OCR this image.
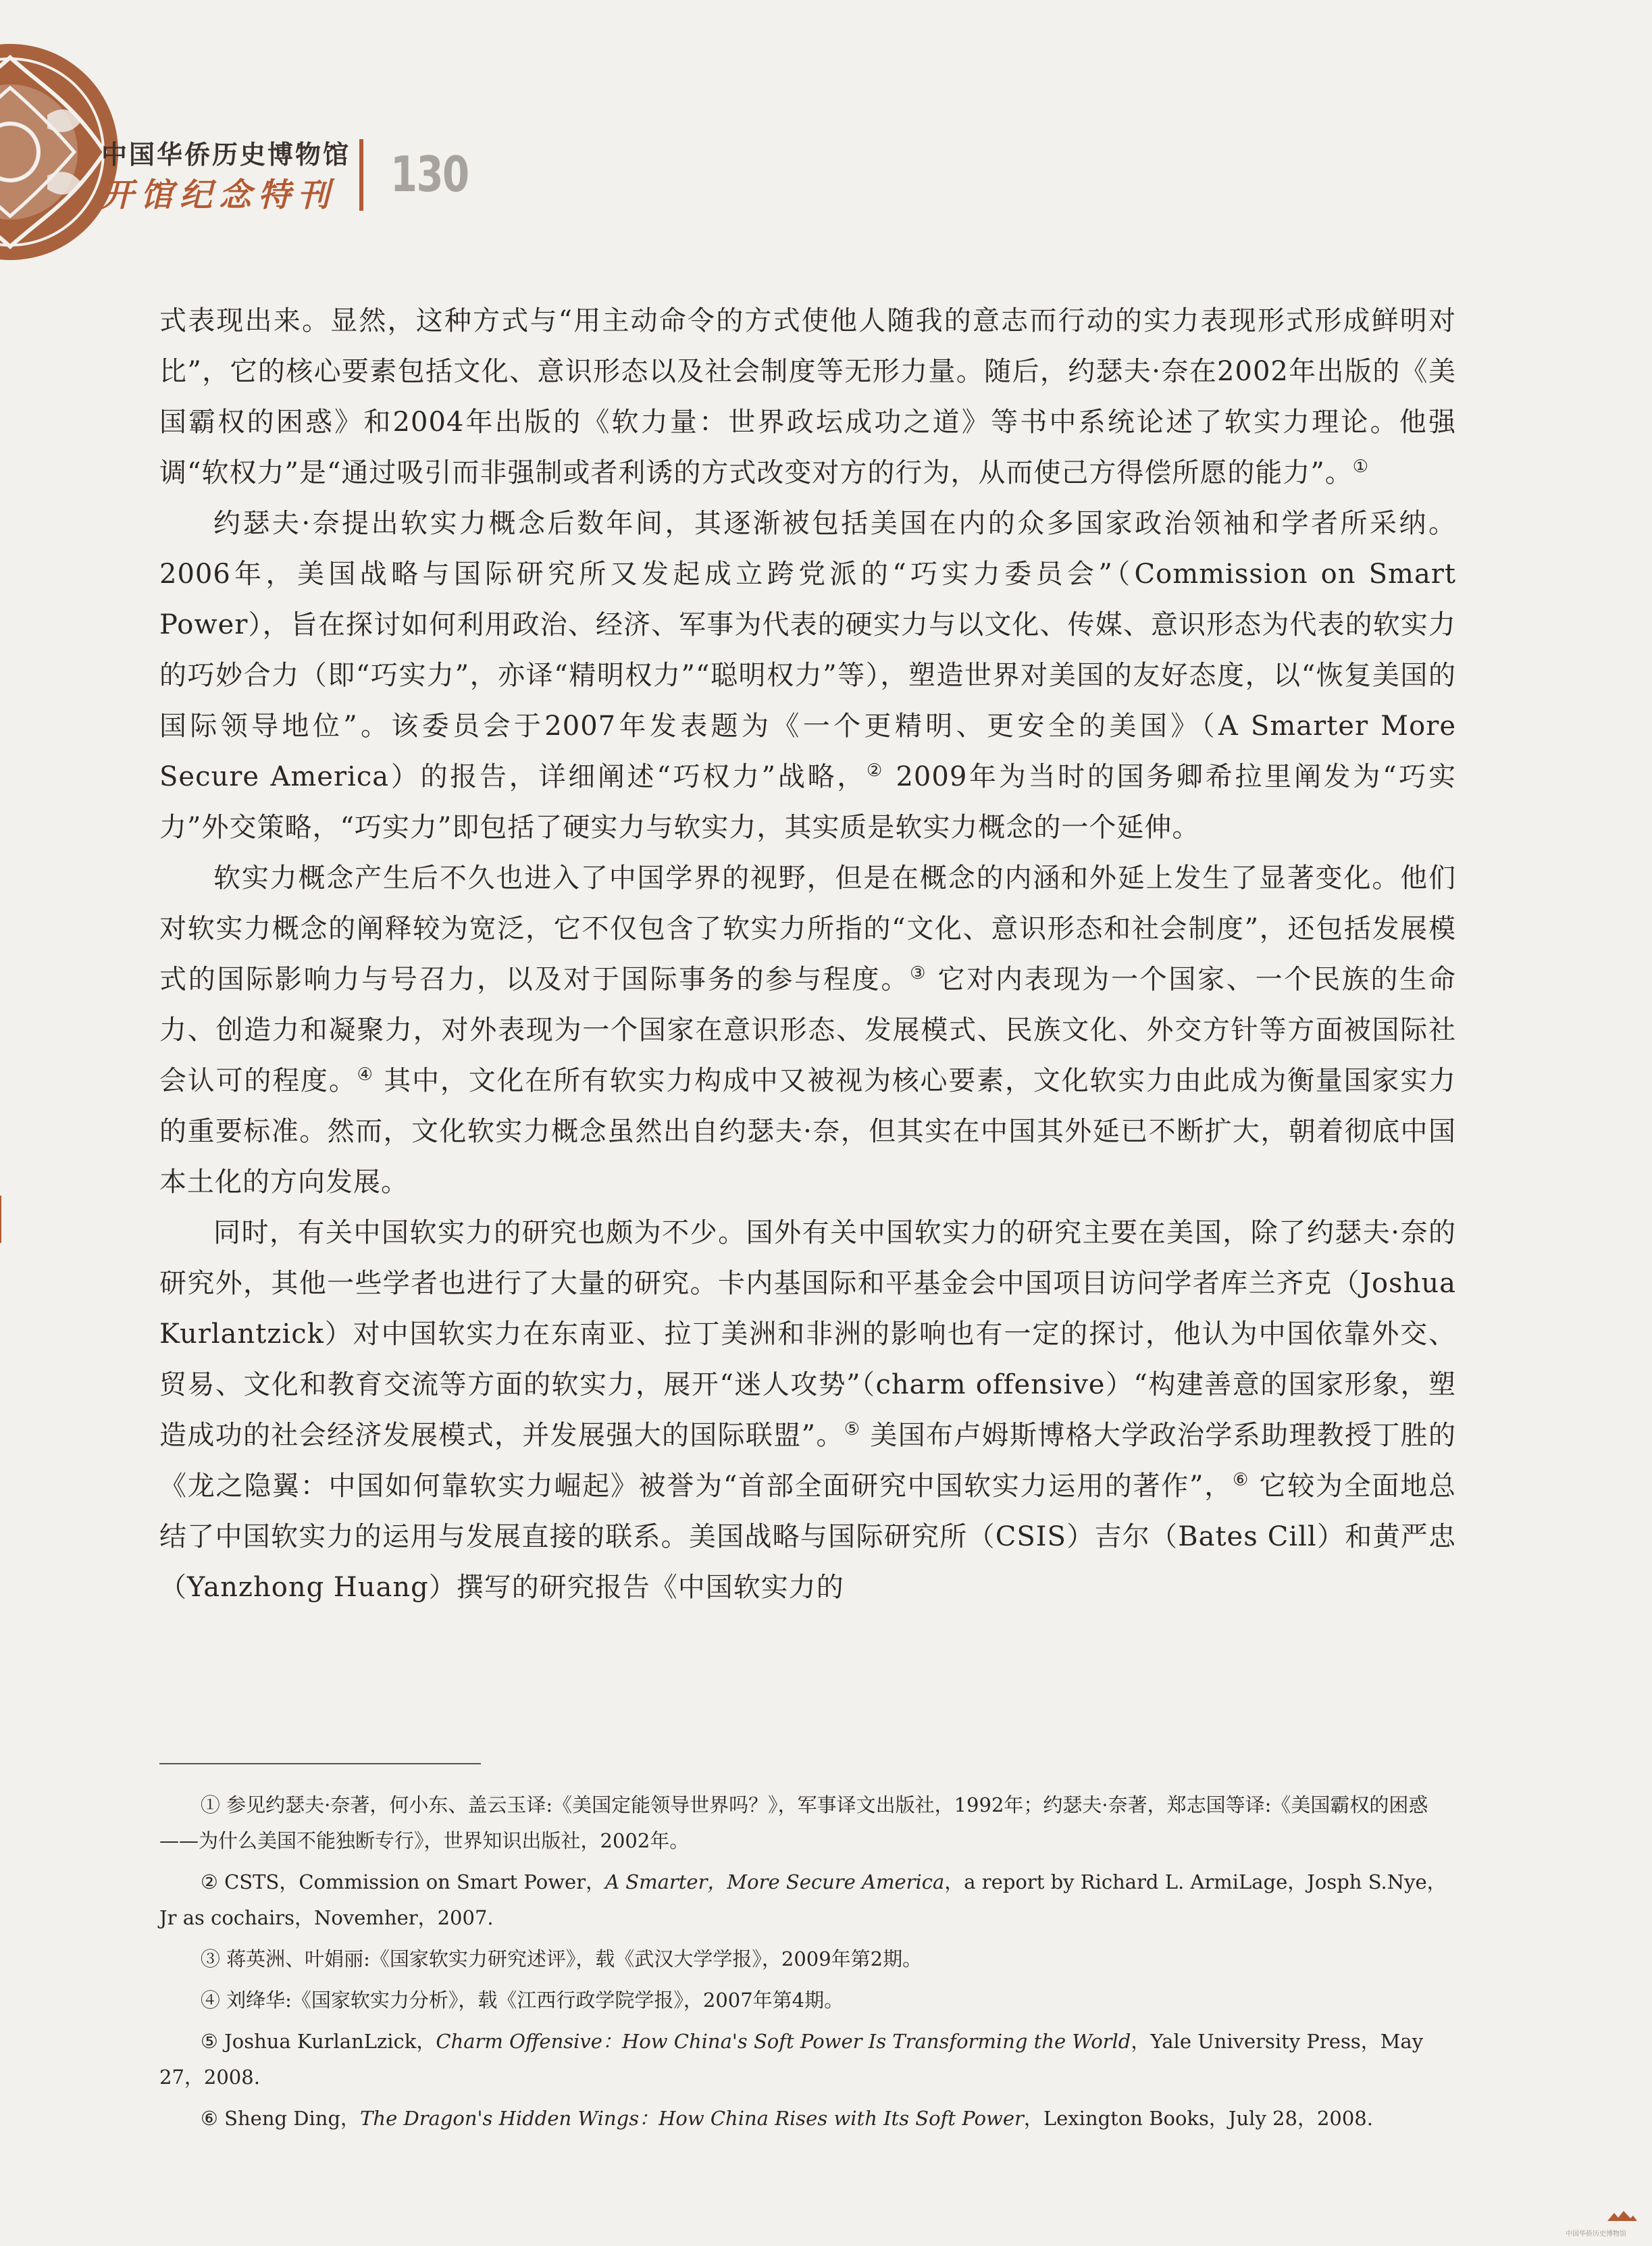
中国华侨历史博物馆
开馆纪念特刊 130

式表现出来。显然，这种方式与“用主动命令的方式使他人随我的意志而行动的实力表现形式形成鲜明对比”，它的核心要素包括文化、意识形态以及社会制度等无形力量。随后，约瑟夫·奈在2002年出版的《美国霸权的困惑》和2004年出版的《软力量：世界政坛成功之道》等书中系统论述了软实力理论。他强调“软权力”是“通过吸引而非强制或者利诱的方式改变对方的行为，从而使己方得偿所愿的能力”。①

约瑟夫·奈提出软实力概念后数年间，其逐渐被包括美国在内的众多国家政治领袖和学者所采纳。2006年，美国战略与国际研究所又发起成立跨党派的“巧实力委员会”（Commission on Smart Power），旨在探讨如何利用政治、经济、军事为代表的硬实力与以文化、传媒、意识形态为代表的软实力的巧妙合力（即“巧实力”，亦译“精明权力”“聪明权力”等），塑造世界对美国的友好态度，以“恢复美国的国际领导地位”。该委员会于2007年发表题为《一个更精明、更安全的美国》（A Smarter More Secure America）的报告，详细阐述“巧权力”战略，② 2009年为当时的国务卿希拉里阐发为“巧实力”外交策略，“巧实力”即包括了硬实力与软实力，其实质是软实力概念的一个延伸。

软实力概念产生后不久也进入了中国学界的视野，但是在概念的内涵和外延上发生了显著变化。他们对软实力概念的阐释较为宽泛，它不仅包含了软实力所指的“文化、意识形态和社会制度”，还包括发展模式的国际影响力与号召力，以及对于国际事务的参与程度。③ 它对内表现为一个国家、一个民族的生命力、创造力和凝聚力，对外表现为一个国家在意识形态、发展模式、民族文化、外交方针等方面被国际社会认可的程度。④ 其中，文化在所有软实力构成中又被视为核心要素，文化软实力由此成为衡量国家实力的重要标准。然而，文化软实力概念虽然出自约瑟夫·奈，但其实在中国其外延已不断扩大，朝着彻底中国本土化的方向发展。

同时，有关中国软实力的研究也颇为不少。国外有关中国软实力的研究主要在美国，除了约瑟夫·奈的研究外，其他一些学者也进行了大量的研究。卡内基国际和平基金会中国项目访问学者库兰齐克（Joshua Kurlantzick）对中国软实力在东南亚、拉丁美洲和非洲的影响也有一定的探讨，他认为中国依靠外交、贸易、文化和教育交流等方面的软实力，展开“迷人攻势”（charm offensive）“构建善意的国家形象，塑造成功的社会经济发展模式，并发展强大的国际联盟”。⑤ 美国布卢姆斯博格大学政治学系助理教授丁胜的《龙之隐翼：中国如何靠软实力崛起》被誉为“首部全面研究中国软实力运用的著作”，⑥ 它较为全面地总结了中国软实力的运用与发展直接的联系。美国战略与国际研究所（CSIS）吉尔（Bates Cill）和黄严忠（Yanzhong Huang）撰写的研究报告《中国软实力的

① 参见约瑟夫·奈著，何小东、盖云玉译:《美国定能领导世界吗？》，军事译文出版社，1992年；约瑟夫·奈著，郑志国等译:《美国霸权的困惑——为什么美国不能独断专行》，世界知识出版社，2002年。

② CSTS，Commission on Smart Power，A Smarter，More Secure America，a report by Richard L. ArmiLage，Josph S.Nye，Jr as cochairs，Novemher，2007.

③ 蒋英洲、叶娟丽:《国家软实力研究述评》，载《武汉大学学报》，2009年第2期。

④ 刘绛华:《国家软实力分析》，载《江西行政学院学报》，2007年第4期。

⑤ Joshua KurlanLzick，Charm Offensive：How China's Soft Power Is Transforming the World，Yale University Press，May 27，2008.

⑥ Sheng Ding，The Dragon's Hidden Wings：How China Rises with Its Soft Power，Lexington Books，July 28，2008.

中国华侨历史博物馆
